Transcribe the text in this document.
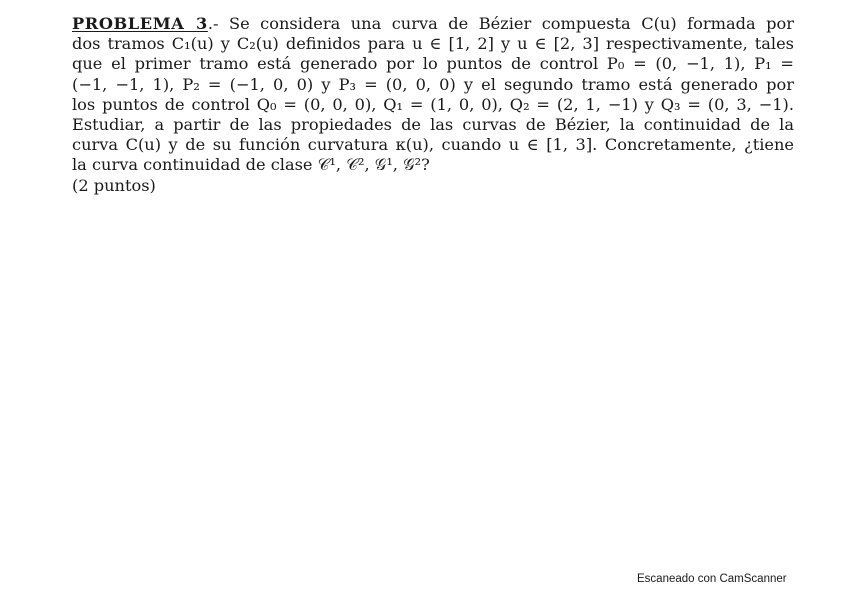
PROBLEMA 3.- Se considera una curva de Bézier compuesta C(u) formada por
dos tramos C₁(u) y C₂(u) definidos para u ∈ [1, 2] y u ∈ [2, 3] respectivamente, tales
que el primer tramo está generado por lo puntos de control P₀ = (0, −1, 1), P₁ =
(−1, −1, 1), P₂ = (−1, 0, 0) y P₃ = (0, 0, 0) y el segundo tramo está generado por
los puntos de control Q₀ = (0, 0, 0), Q₁ = (1, 0, 0), Q₂ = (2, 1, −1) y Q₃ = (0, 3, −1).
Estudiar, a partir de las propiedades de las curvas de Bézier, la continuidad de la
curva C(u) y de su función curvatura κ(u), cuando u ∈ [1, 3]. Concretamente, ¿tiene
la curva continuidad de clase 𝒞¹, 𝒞², 𝒢¹, 𝒢²?
(2 puntos)
Escaneado con CamScanner
